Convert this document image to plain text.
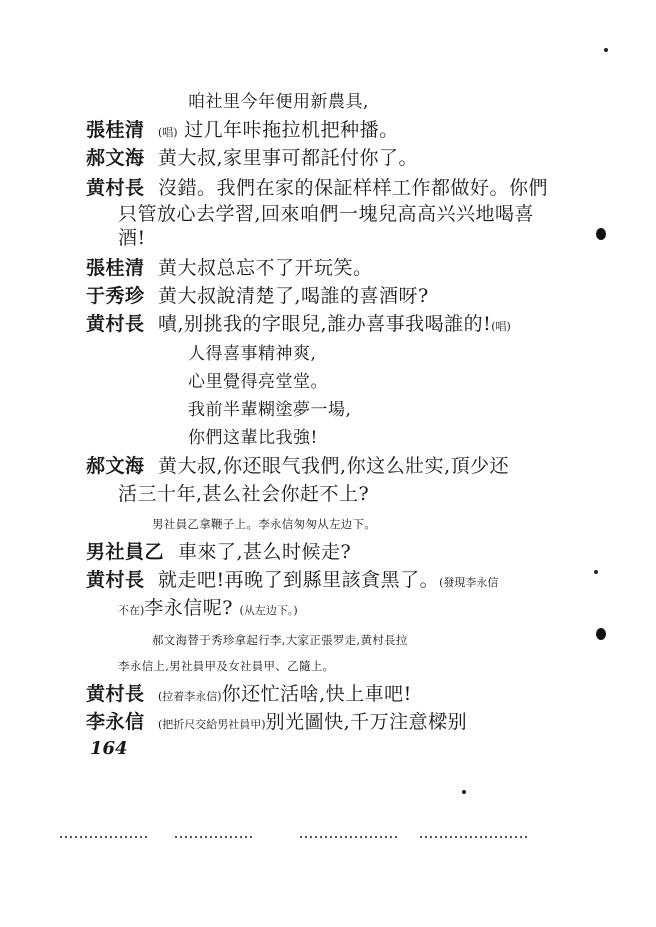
咱社里今年便用新農具,
張桂清 (唱) 过几年咔拖拉机把种播。
郝文海 黄大叔,家里事可都託付你了。
黄村長 沒錯。我們在家的保証样样工作都做好。你們
只管放心去学習,回來咱們一塊兒高高兴兴地喝喜
酒!
張桂清 黄大叔总忘不了开玩笑。
于秀珍 黄大叔說清楚了,喝誰的喜酒呀?
黄村長 嘖,别挑我的字眼兒,誰办喜事我喝誰的!(唱)
人得喜事精神爽,
心里覺得亮堂堂。
我前半輩糊塗夢一場,
你們这輩比我強!
郝文海 黄大叔,你还眼气我們,你这么壯实,頂少还
活三十年,甚么社会你赶不上?
男社員乙拿鞭子上。李永信匆匆从左边下。
男社員乙 車來了,甚么时候走?
黄村長 就走吧!再晚了到縣里該貪黑了。(發現李永信
不在)李永信呢? (从左边下。)
郝文海替于秀珍拿起行李,大家正張罗走,黄村長拉
李永信上,男社員甲及女社員甲、乙隨上。
黄村長 (拉着李永信)你还忙活啥,快上車吧!
李永信 (把折尺交給男社員甲)别光圖快,千万注意樑别
164
